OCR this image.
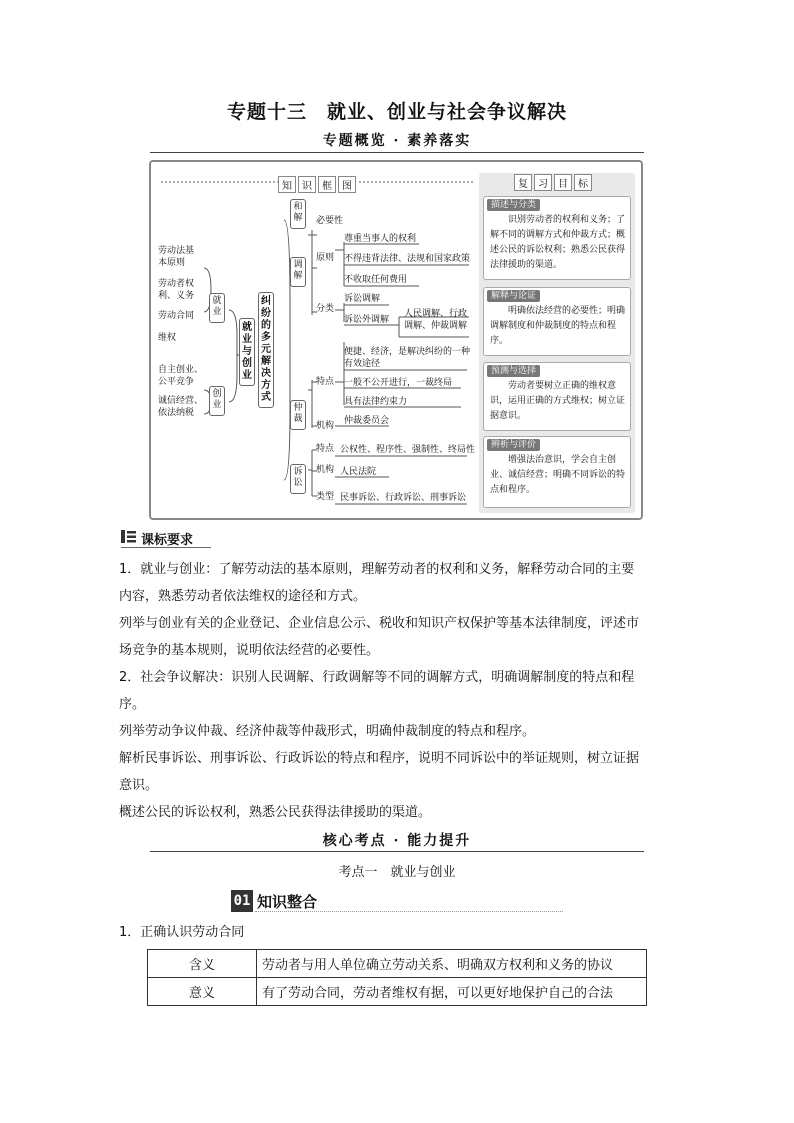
专题十三　就业、创业与社会争议解决
专题概览 · 素养落实
知 识 框 图
劳动法基
本原则
劳动者权
利、义务
劳动合同
维权
自主创业、
公平竞争
诚信经营、
依法纳税
就业
创业
就业与创业
纠纷的多元解决方式
和解
调解
仲裁
诉讼
必要性
原则
分类
尊重当事人的权利
不得违背法律、法规和国家政策
不收取任何费用
诉讼调解
诉讼外调解
人民调解、行政
调解、仲裁调解
特点
机构
便捷、经济，是解决纠纷的一种
有效途径
一般不公开进行，一裁终局
具有法律约束力
仲裁委员会
特点
机构
类型
公权性、程序性、强制性、终局性
人民法院
民事诉讼、行政诉讼、刑事诉讼
复 习 目 标
描述与分类
识别劳动者的权利和义务；了解不同的调解方式和仲裁方式；概述公民的诉讼权利；熟悉公民获得法律援助的渠道。
解释与论证
明确依法经营的必要性；明确调解制度和仲裁制度的特点和程序。
预测与选择
劳动者要树立正确的维权意识，运用正确的方式维权；树立证据意识。
辨析与评价
增强法治意识，学会自主创业、诚信经营；明确不同诉讼的特点和程序。
课标要求
1．就业与创业：了解劳动法的基本原则，理解劳动者的权利和义务，解释劳动合同的主要
内容，熟悉劳动者依法维权的途径和方式。
列举与创业有关的企业登记、企业信息公示、税收和知识产权保护等基本法律制度，评述市
场竞争的基本规则，说明依法经营的必要性。
2．社会争议解决：识别人民调解、行政调解等不同的调解方式，明确调解制度的特点和程
序。
列举劳动争议仲裁、经济仲裁等仲裁形式，明确仲裁制度的特点和程序。
解析民事诉讼、刑事诉讼、行政诉讼的特点和程序，说明不同诉讼中的举证规则，树立证据
意识。
概述公民的诉讼权利，熟悉公民获得法律援助的渠道。
核心考点 · 能力提升
考点一　就业与创业
01 知识整合
1．正确认识劳动合同
含义	劳动者与用人单位确立劳动关系、明确双方权利和义务的协议
意义	有了劳动合同，劳动者维权有据，可以更好地保护自己的合法
